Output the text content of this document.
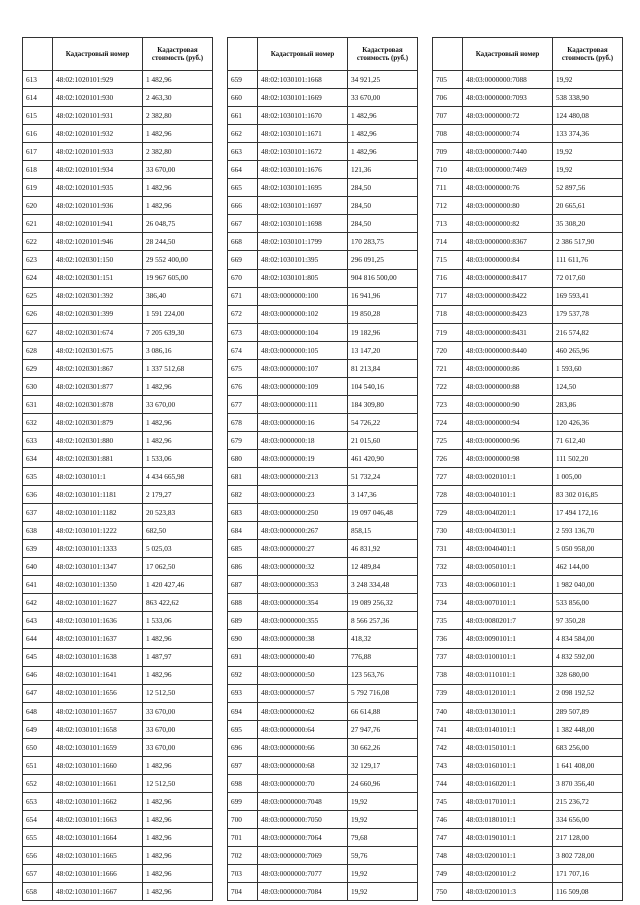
	Кадастровый номер	Кадастровая стоимость (руб.)
613	48:02:1020101:929	1 482,96
614	48:02:1020101:930	2 463,30
615	48:02:1020101:931	2 382,80
616	48:02:1020101:932	1 482,96
617	48:02:1020101:933	2 382,80
618	48:02:1020101:934	33 670,00
619	48:02:1020101:935	1 482,96
620	48:02:1020101:936	1 482,96
621	48:02:1020101:941	26 048,75
622	48:02:1020101:946	28 244,50
623	48:02:1020301:150	29 552 400,00
624	48:02:1020301:151	19 967 605,00
625	48:02:1020301:392	386,40
626	48:02:1020301:399	1 591 224,00
627	48:02:1020301:674	7 205 639,30
628	48:02:1020301:675	3 086,16
629	48:02:1020301:867	1 337 512,68
630	48:02:1020301:877	1 482,96
631	48:02:1020301:878	33 670,00
632	48:02:1020301:879	1 482,96
633	48:02:1020301:880	1 482,96
634	48:02:1020301:881	1 533,06
635	48:02:1030101:1	4 434 665,98
636	48:02:1030101:1181	2 179,27
637	48:02:1030101:1182	20 523,83
638	48:02:1030101:1222	682,50
639	48:02:1030101:1333	5 025,03
640	48:02:1030101:1347	17 062,50
641	48:02:1030101:1350	1 420 427,46
642	48:02:1030101:1627	863 422,62
643	48:02:1030101:1636	1 533,06
644	48:02:1030101:1637	1 482,96
645	48:02:1030101:1638	1 487,97
646	48:02:1030101:1641	1 482,96
647	48:02:1030101:1656	12 512,50
648	48:02:1030101:1657	33 670,00
649	48:02:1030101:1658	33 670,00
650	48:02:1030101:1659	33 670,00
651	48:02:1030101:1660	1 482,96
652	48:02:1030101:1661	12 512,50
653	48:02:1030101:1662	1 482,96
654	48:02:1030101:1663	1 482,96
655	48:02:1030101:1664	1 482,96
656	48:02:1030101:1665	1 482,96
657	48:02:1030101:1666	1 482,96
658	48:02:1030101:1667	1 482,96
	Кадастровый номер	Кадастровая стоимость (руб.)
659	48:02:1030101:1668	34 921,25
660	48:02:1030101:1669	33 670,00
661	48:02:1030101:1670	1 482,96
662	48:02:1030101:1671	1 482,96
663	48:02:1030101:1672	1 482,96
664	48:02:1030101:1676	121,36
665	48:02:1030101:1695	284,50
666	48:02:1030101:1697	284,50
667	48:02:1030101:1698	284,50
668	48:02:1030101:1799	170 283,75
669	48:02:1030101:395	296 091,25
670	48:02:1030101:805	904 816 500,00
671	48:03:0000000:100	16 941,96
672	48:03:0000000:102	19 850,28
673	48:03:0000000:104	19 182,96
674	48:03:0000000:105	13 147,20
675	48:03:0000000:107	81 213,84
676	48:03:0000000:109	104 540,16
677	48:03:0000000:111	184 309,80
678	48:03:0000000:16	54 726,22
679	48:03:0000000:18	21 015,60
680	48:03:0000000:19	461 420,90
681	48:03:0000000:213	51 732,24
682	48:03:0000000:23	3 147,36
683	48:03:0000000:250	19 097 046,48
684	48:03:0000000:267	858,15
685	48:03:0000000:27	46 831,92
686	48:03:0000000:32	12 489,84
687	48:03:0000000:353	3 248 334,48
688	48:03:0000000:354	19 089 256,32
689	48:03:0000000:355	8 566 257,36
690	48:03:0000000:38	418,32
691	48:03:0000000:40	776,88
692	48:03:0000000:50	123 563,76
693	48:03:0000000:57	5 792 716,08
694	48:03:0000000:62	66 614,88
695	48:03:0000000:64	27 947,76
696	48:03:0000000:66	30 662,26
697	48:03:0000000:68	32 129,17
698	48:03:0000000:70	24 660,96
699	48:03:0000000:7048	19,92
700	48:03:0000000:7050	19,92
701	48:03:0000000:7064	79,68
702	48:03:0000000:7069	59,76
703	48:03:0000000:7077	19,92
704	48:03:0000000:7084	19,92
	Кадастровый номер	Кадастровая стоимость (руб.)
705	48:03:0000000:7088	19,92
706	48:03:0000000:7093	538 338,90
707	48:03:0000000:72	124 480,08
708	48:03:0000000:74	133 374,36
709	48:03:0000000:7440	19,92
710	48:03:0000000:7469	19,92
711	48:03:0000000:76	52 897,56
712	48:03:0000000:80	20 665,61
713	48:03:0000000:82	35 308,20
714	48:03:0000000:8367	2 386 517,90
715	48:03:0000000:84	111 611,76
716	48:03:0000000:8417	72 017,60
717	48:03:0000000:8422	169 593,41
718	48:03:0000000:8423	179 537,78
719	48:03:0000000:8431	216 574,82
720	48:03:0000000:8440	460 265,96
721	48:03:0000000:86	1 593,60
722	48:03:0000000:88	124,50
723	48:03:0000000:90	283,86
724	48:03:0000000:94	120 426,36
725	48:03:0000000:96	71 612,40
726	48:03:0000000:98	111 502,20
727	48:03:0020101:1	1 005,00
728	48:03:0040101:1	83 302 016,85
729	48:03:0040201:1	17 494 172,16
730	48:03:0040301:1	2 593 136,70
731	48:03:0040401:1	5 050 958,00
732	48:03:0050101:1	462 144,00
733	48:03:0060101:1	1 982 040,00
734	48:03:0070101:1	533 856,00
735	48:03:0080201:7	97 350,28
736	48:03:0090101:1	4 834 584,00
737	48:03:0100101:1	4 832 592,00
738	48:03:0110101:1	328 680,00
739	48:03:0120101:1	2 098 192,52
740	48:03:0130101:1	289 507,89
741	48:03:0140101:1	1 382 448,00
742	48:03:0150101:1	683 256,00
743	48:03:0160101:1	1 641 408,00
744	48:03:0160201:1	3 870 356,40
745	48:03:0170101:1	215 236,72
746	48:03:0180101:1	334 656,00
747	48:03:0190101:1	217 128,00
748	48:03:0200101:1	3 802 728,00
749	48:03:0200101:2	171 707,16
750	48:03:0200101:3	116 509,08
